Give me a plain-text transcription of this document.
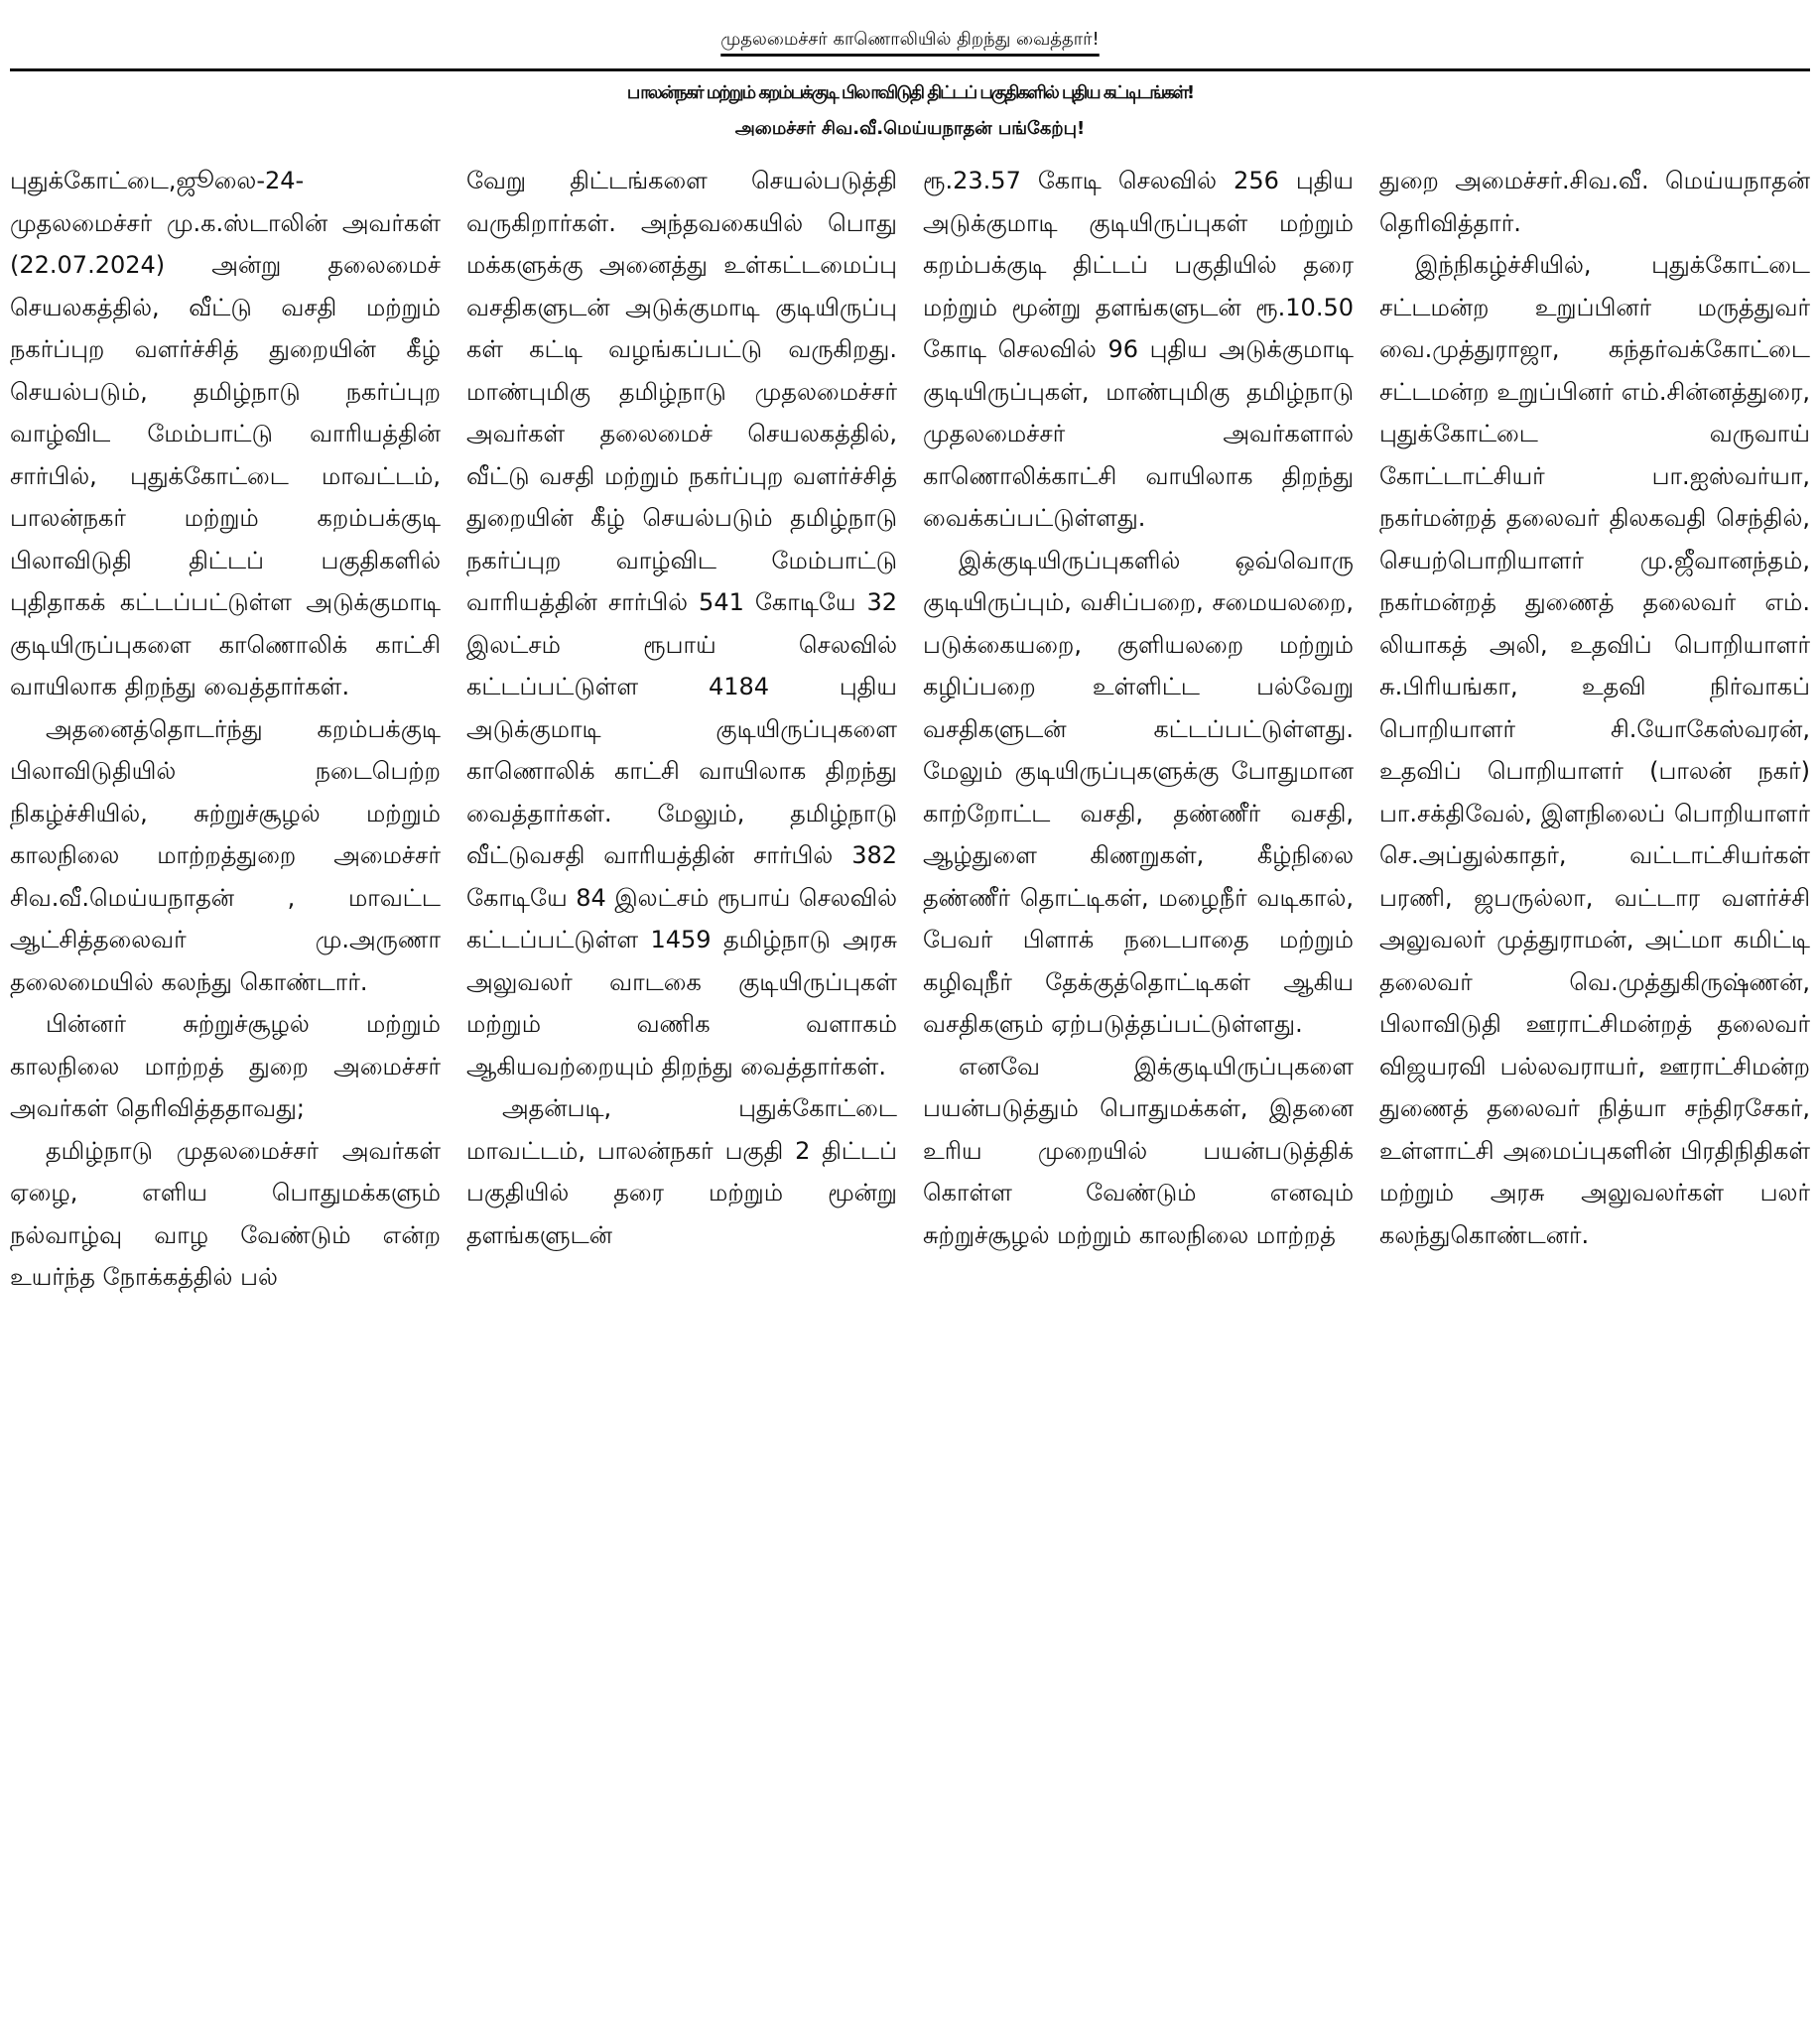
முதலமைச்சர் காணொலியில் திறந்து வைத்தார்!
பாலன்நகர் மற்றும் கறம்பக்குடி பிலாவிடுதி திட்டப் பகுதிகளில் புதிய கட்டிடங்கள்!
அமைச்சர் சிவ.வீ.மெய்யநாதன் பங்கேற்பு!

புதுக்கோட்டை,ஜூலை-24- முதலமைச்சர் மு.க.ஸ்டாலின் அவர்கள் (22.07.2024) அன்று தலைமைச் செயலகத்தில், வீட்டு வசதி மற்றும் நகர்ப்புற வளர்ச்சித் துறையின் கீழ் செயல்படும், தமிழ்நாடு நகர்ப்புற வாழ்விட மேம்பாட்டு வாரியத்தின் சார்பில், புதுக்கோட்டை மாவட்டம், பாலன்நகர் மற்றும் கறம்பக்குடி பிலாவிடுதி திட்டப் பகுதிகளில் புதிதாகக் கட்டப்பட்டுள்ள அடுக்குமாடி குடியிருப்புகளை காணொலிக் காட்சி வாயிலாக திறந்து வைத்தார்கள்.

அதனைத்தொடர்ந்து கறம்பக்குடி பிலாவிடுதியில் நடைபெற்ற நிகழ்ச்சியில், சுற்றுச்சூழல் மற்றும் காலநிலை மாற்றத்துறை அமைச்சர் சிவ.வீ.மெய்யநாதன் , மாவட்ட ஆட்சித்தலைவர் மு.அருணா தலைமையில் கலந்து கொண்டார்.

பின்னர் சுற்றுச்சூழல் மற்றும் காலநிலை மாற்றத் துறை அமைச்சர் அவர்கள் தெரிவித்ததாவது;

தமிழ்நாடு முதலமைச்சர் அவர்கள் ஏழை, எளிய பொதுமக்களும் நல்வாழ்வு வாழ வேண்டும் என்ற உயர்ந்த நோக்கத்தில் பல்

வேறு திட்டங்களை செயல்படுத்தி வருகிறார்கள். அந்தவகையில் பொது மக்களுக்கு அனைத்து உள்கட்டமைப்பு வசதிகளுடன் அடுக்குமாடி குடியிருப்பு கள் கட்டி வழங்கப்பட்டு வருகிறது. மாண்புமிகு தமிழ்நாடு முதலமைச்சர் அவர்கள் தலைமைச் செயலகத்தில், வீட்டு வசதி மற்றும் நகர்ப்புற வளர்ச்சித் துறையின் கீழ் செயல்படும் தமிழ்நாடு நகர்ப்புற வாழ்விட மேம்பாட்டு வாரியத்தின் சார்பில் 541 கோடியே 32 இலட்சம் ரூபாய் செலவில் கட்டப்பட்டுள்ள 4184 புதிய அடுக்குமாடி குடியிருப்புகளை காணொலிக் காட்சி வாயிலாக திறந்து வைத்தார்கள். மேலும், தமிழ்நாடு வீட்டுவசதி வாரியத்தின் சார்பில் 382 கோடியே 84 இலட்சம் ரூபாய் செலவில் கட்டப்பட்டுள்ள 1459 தமிழ்நாடு அரசு அலுவலர் வாடகை குடியிருப்புகள் மற்றும் வணிக வளாகம் ஆகியவற்றையும் திறந்து வைத்தார்கள்.

அதன்படி, புதுக்கோட்டை மாவட்டம், பாலன்நகர் பகுதி 2 திட்டப் பகுதியில் தரை மற்றும் மூன்று தளங்களுடன்

ரூ.23.57 கோடி செலவில் 256 புதிய அடுக்குமாடி குடியிருப்புகள் மற்றும் கறம்பக்குடி திட்டப் பகுதியில் தரை மற்றும் மூன்று தளங்களுடன் ரூ.10.50 கோடி செலவில் 96 புதிய அடுக்குமாடி குடியிருப்புகள், மாண்புமிகு தமிழ்நாடு முதலமைச்சர் அவர்களால் காணொலிக்காட்சி வாயிலாக திறந்து வைக்கப்பட்டுள்ளது.

இக்குடியிருப்புகளில் ஒவ்வொரு குடியிருப்பும், வசிப்பறை, சமையலறை, படுக்கையறை, குளியலறை மற்றும் கழிப்பறை உள்ளிட்ட பல்வேறு வசதிகளுடன் கட்டப்பட்டுள்ளது. மேலும் குடியிருப்புகளுக்கு போதுமான காற்றோட்ட வசதி, தண்ணீர் வசதி, ஆழ்துளை கிணறுகள், கீழ்நிலை தண்ணீர் தொட்டிகள், மழைநீர் வடிகால், பேவர் பிளாக் நடைபாதை மற்றும் கழிவுநீர் தேக்குத்தொட்டிகள் ஆகிய வசதிகளும் ஏற்படுத்தப்பட்டுள்ளது.

எனவே இக்குடியிருப்புகளை பயன்படுத்தும் பொதுமக்கள், இதனை உரிய முறையில் பயன்படுத்திக் கொள்ள வேண்டும் எனவும் சுற்றுச்சூழல் மற்றும் காலநிலை மாற்றத்

துறை அமைச்சர்.சிவ.வீ. மெய்யநாதன் தெரிவித்தார்.

இந்நிகழ்ச்சியில், புதுக்கோட்டை சட்டமன்ற உறுப்பினர் மருத்துவர் வை.முத்துராஜா, கந்தர்வக்கோட்டை சட்டமன்ற உறுப்பினர் எம்.சின்னத்துரை, புதுக்கோட்டை வருவாய் கோட்டாட்சியர் பா.ஐஸ்வர்யா, நகர்மன்றத் தலைவர் திலகவதி செந்தில், செயற்பொறியாளர் மு.ஜீவானந்தம், நகர்மன்றத் துணைத் தலைவர் எம். லியாகத் அலி, உதவிப் பொறியாளர் சு.பிரியங்கா, உதவி நிர்வாகப் பொறியாளர் சி.யோகேஸ்வரன், உதவிப் பொறியாளர் (பாலன் நகர்) பா.சக்திவேல், இளநிலைப் பொறியாளர் செ.அப்துல்காதர், வட்டாட்சியர்கள் பரணி, ஜபருல்லா, வட்டார வளர்ச்சி அலுவலர் முத்துராமன், அட்மா கமிட்டி தலைவர் வெ.முத்துகிருஷ்ணன், பிலாவிடுதி ஊராட்சிமன்றத் தலைவர் விஜயரவி பல்லவராயர், ஊராட்சிமன்ற துணைத் தலைவர் நித்யா சந்திரசேகர், உள்ளாட்சி அமைப்புகளின் பிரதிநிதிகள் மற்றும் அரசு அலுவலர்கள் பலர் கலந்துகொண்டனர்.
